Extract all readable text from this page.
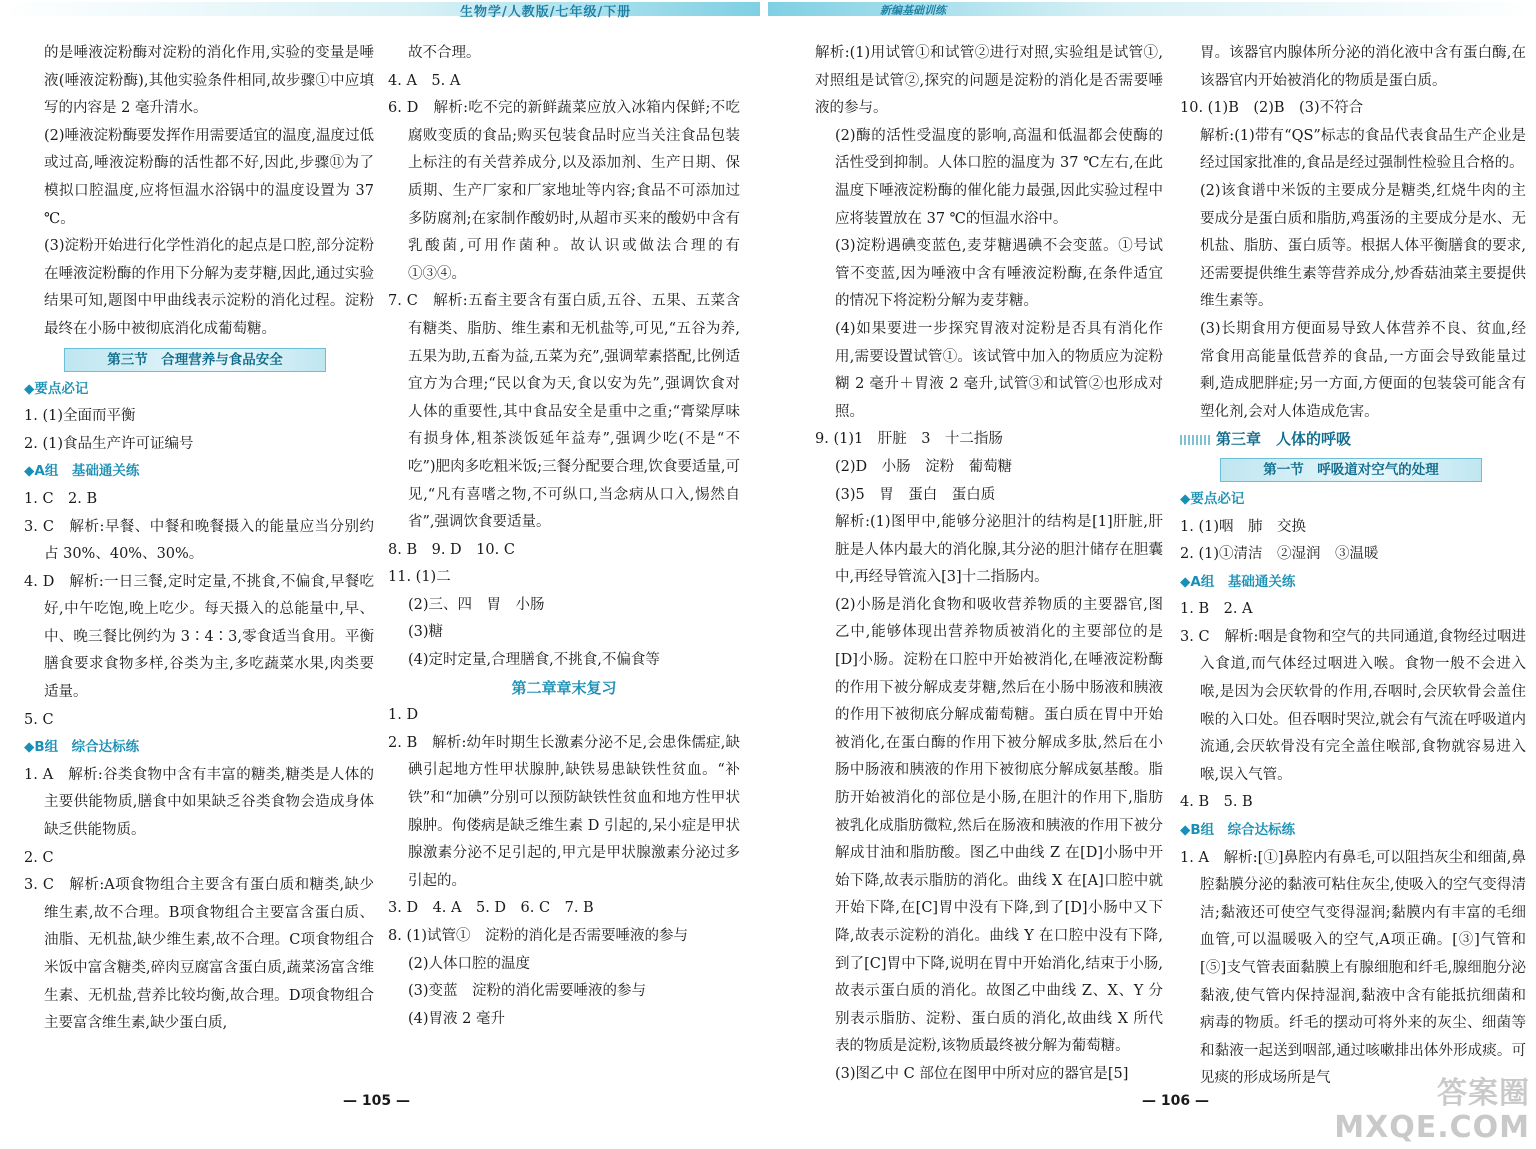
生物学/人教版/七年级/下册	新编基础训练

的是唾液淀粉酶对淀粉的消化作用,实验的变量是唾液(唾液淀粉酶),其他实验条件相同,故步骤①中应填写的内容是 2 毫升清水。

(2)唾液淀粉酶要发挥作用需要适宜的温度,温度过低或过高,唾液淀粉酶的活性都不好,因此,步骤⑪为了模拟口腔温度,应将恒温水浴锅中的温度设置为 37 ℃。

(3)淀粉开始进行化学性消化的起点是口腔,部分淀粉在唾液淀粉酶的作用下分解为麦芽糖,因此,通过实验结果可知,题图中甲曲线表示淀粉的消化过程。淀粉最终在小肠中被彻底消化成葡萄糖。

第三节　合理营养与食品安全
◆要点必记

1. (1)全面而平衡

2. (1)食品生产许可证编号

◆A组　基础通关练

1. C　2. B

3. C　解析:早餐、中餐和晚餐摄入的能量应当分别约占 30%、40%、30%。

4. D　解析:一日三餐,定时定量,不挑食,不偏食,早餐吃好,中午吃饱,晚上吃少。每天摄入的总能量中,早、中、晚三餐比例约为 3∶4∶3,零食适当食用。平衡膳食要求食物多样,谷类为主,多吃蔬菜水果,肉类要适量。

5. C

◆B组　综合达标练

1. A　解析:谷类食物中含有丰富的糖类,糖类是人体的主要供能物质,膳食中如果缺乏谷类食物会造成身体缺乏供能物质。

2. C

3. C　解析:A项食物组合主要含有蛋白质和糖类,缺少维生素,故不合理。B项食物组合主要富含蛋白质、油脂、无机盐,缺少维生素,故不合理。C项食物组合米饭中富含糖类,碎肉豆腐富含蛋白质,蔬菜汤富含维生素、无机盐,营养比较均衡,故合理。D项食物组合主要富含维生素,缺少蛋白质,

故不合理。

4. A　5. A

6. D　解析:吃不完的新鲜蔬菜应放入冰箱内保鲜;不吃腐败变质的食品;购买包装食品时应当关注食品包装上标注的有关营养成分,以及添加剂、生产日期、保质期、生产厂家和厂家地址等内容;食品不可添加过多防腐剂;在家制作酸奶时,从超市买来的酸奶中含有乳酸菌,可用作菌种。故认识或做法合理的有①③④。

7. C　解析:五畜主要含有蛋白质,五谷、五果、五菜含有糖类、脂肪、维生素和无机盐等,可见,“五谷为养,五果为助,五畜为益,五菜为充”,强调荤素搭配,比例适宜方为合理;“民以食为天,食以安为先”,强调饮食对人体的重要性,其中食品安全是重中之重;“膏粱厚味有损身体,粗茶淡饭延年益寿”,强调少吃(不是“不吃”)肥肉多吃粗米饭;三餐分配要合理,饮食要适量,可见,“凡有喜嗜之物,不可纵口,当念病从口入,惕然自省”,强调饮食要适量。

8. B　9. D　10. C

11. (1)二

(2)三、四　胃　小肠

(3)糖

(4)定时定量,合理膳食,不挑食,不偏食等

第二章章末复习

1. D

2. B　解析:幼年时期生长激素分泌不足,会患侏儒症,缺碘引起地方性甲状腺肿,缺铁易患缺铁性贫血。“补铁”和“加碘”分别可以预防缺铁性贫血和地方性甲状腺肿。佝偻病是缺乏维生素 D 引起的,呆小症是甲状腺激素分泌不足引起的,甲亢是甲状腺激素分泌过多引起的。

3. D　4. A　5. D　6. C　7. B

8. (1)试管①　淀粉的消化是否需要唾液的参与

(2)人体口腔的温度

(3)变蓝　淀粉的消化需要唾液的参与

(4)胃液 2 毫升

解析:(1)用试管①和试管②进行对照,实验组是试管①,对照组是试管②,探究的问题是淀粉的消化是否需要唾液的参与。

(2)酶的活性受温度的影响,高温和低温都会使酶的活性受到抑制。人体口腔的温度为 37 ℃左右,在此温度下唾液淀粉酶的催化能力最强,因此实验过程中应将装置放在 37 ℃的恒温水浴中。

(3)淀粉遇碘变蓝色,麦芽糖遇碘不会变蓝。①号试管不变蓝,因为唾液中含有唾液淀粉酶,在条件适宜的情况下将淀粉分解为麦芽糖。

(4)如果要进一步探究胃液对淀粉是否具有消化作用,需要设置试管①。该试管中加入的物质应为淀粉糊 2 毫升＋胃液 2 毫升,试管③和试管②也形成对照。

9. (1)1　肝脏　3　十二指肠

(2)D　小肠　淀粉　葡萄糖

(3)5　胃　蛋白　蛋白质

解析:(1)图甲中,能够分泌胆汁的结构是[1]肝脏,肝脏是人体内最大的消化腺,其分泌的胆汁储存在胆囊中,再经导管流入[3]十二指肠内。

(2)小肠是消化食物和吸收营养物质的主要器官,图乙中,能够体现出营养物质被消化的主要部位的是[D]小肠。淀粉在口腔中开始被消化,在唾液淀粉酶的作用下被分解成麦芽糖,然后在小肠中肠液和胰液的作用下被彻底分解成葡萄糖。蛋白质在胃中开始被消化,在蛋白酶的作用下被分解成多肽,然后在小肠中肠液和胰液的作用下被彻底分解成氨基酸。脂肪开始被消化的部位是小肠,在胆汁的作用下,脂肪被乳化成脂肪微粒,然后在肠液和胰液的作用下被分解成甘油和脂肪酸。图乙中曲线 Z 在[D]小肠中开始下降,故表示脂肪的消化。曲线 X 在[A]口腔中就开始下降,在[C]胃中没有下降,到了[D]小肠中又下降,故表示淀粉的消化。曲线 Y 在口腔中没有下降,到了[C]胃中下降,说明在胃中开始消化,结束于小肠,故表示蛋白质的消化。故图乙中曲线 Z、X、Y 分别表示脂肪、淀粉、蛋白质的消化,故曲线 X 所代表的物质是淀粉,该物质最终被分解为葡萄糖。

(3)图乙中 C 部位在图甲中所对应的器官是[5]

胃。该器官内腺体所分泌的消化液中含有蛋白酶,在该器官内开始被消化的物质是蛋白质。

10. (1)B　(2)B　(3)不符合

解析:(1)带有“QS”标志的食品代表食品生产企业是经过国家批准的,食品是经过强制性检验且合格的。

(2)该食谱中米饭的主要成分是糖类,红烧牛肉的主要成分是蛋白质和脂肪,鸡蛋汤的主要成分是水、无机盐、脂肪、蛋白质等。根据人体平衡膳食的要求,还需要提供维生素等营养成分,炒香菇油菜主要提供维生素等。

(3)长期食用方便面易导致人体营养不良、贫血,经常食用高能量低营养的食品,一方面会导致能量过剩,造成肥胖症;另一方面,方便面的包装袋可能含有塑化剂,会对人体造成危害。

第三章　人体的呼吸
第一节　呼吸道对空气的处理
◆要点必记

1. (1)咽　肺　交换

2. (1)①清洁　②湿润　③温暖

◆A组　基础通关练

1. B　2. A

3. C　解析:咽是食物和空气的共同通道,食物经过咽进入食道,而气体经过咽进入喉。食物一般不会进入喉,是因为会厌软骨的作用,吞咽时,会厌软骨会盖住喉的入口处。但吞咽时哭泣,就会有气流在呼吸道内流通,会厌软骨没有完全盖住喉部,食物就容易进入喉,误入气管。

4. B　5. B

◆B组　综合达标练

1. A　解析:[①]鼻腔内有鼻毛,可以阻挡灰尘和细菌,鼻腔黏膜分泌的黏液可粘住灰尘,使吸入的空气变得清洁;黏液还可使空气变得湿润;黏膜内有丰富的毛细血管,可以温暖吸入的空气,A项正确。[③]气管和[⑤]支气管表面黏膜上有腺细胞和纤毛,腺细胞分泌黏液,使气管内保持湿润,黏液中含有能抵抗细菌和病毒的物质。纤毛的摆动可将外来的灰尘、细菌等和黏液一起送到咽部,通过咳嗽排出体外形成痰。可见痰的形成场所是气

— 105 —	— 106 —	答案圈
MXQE.COM
